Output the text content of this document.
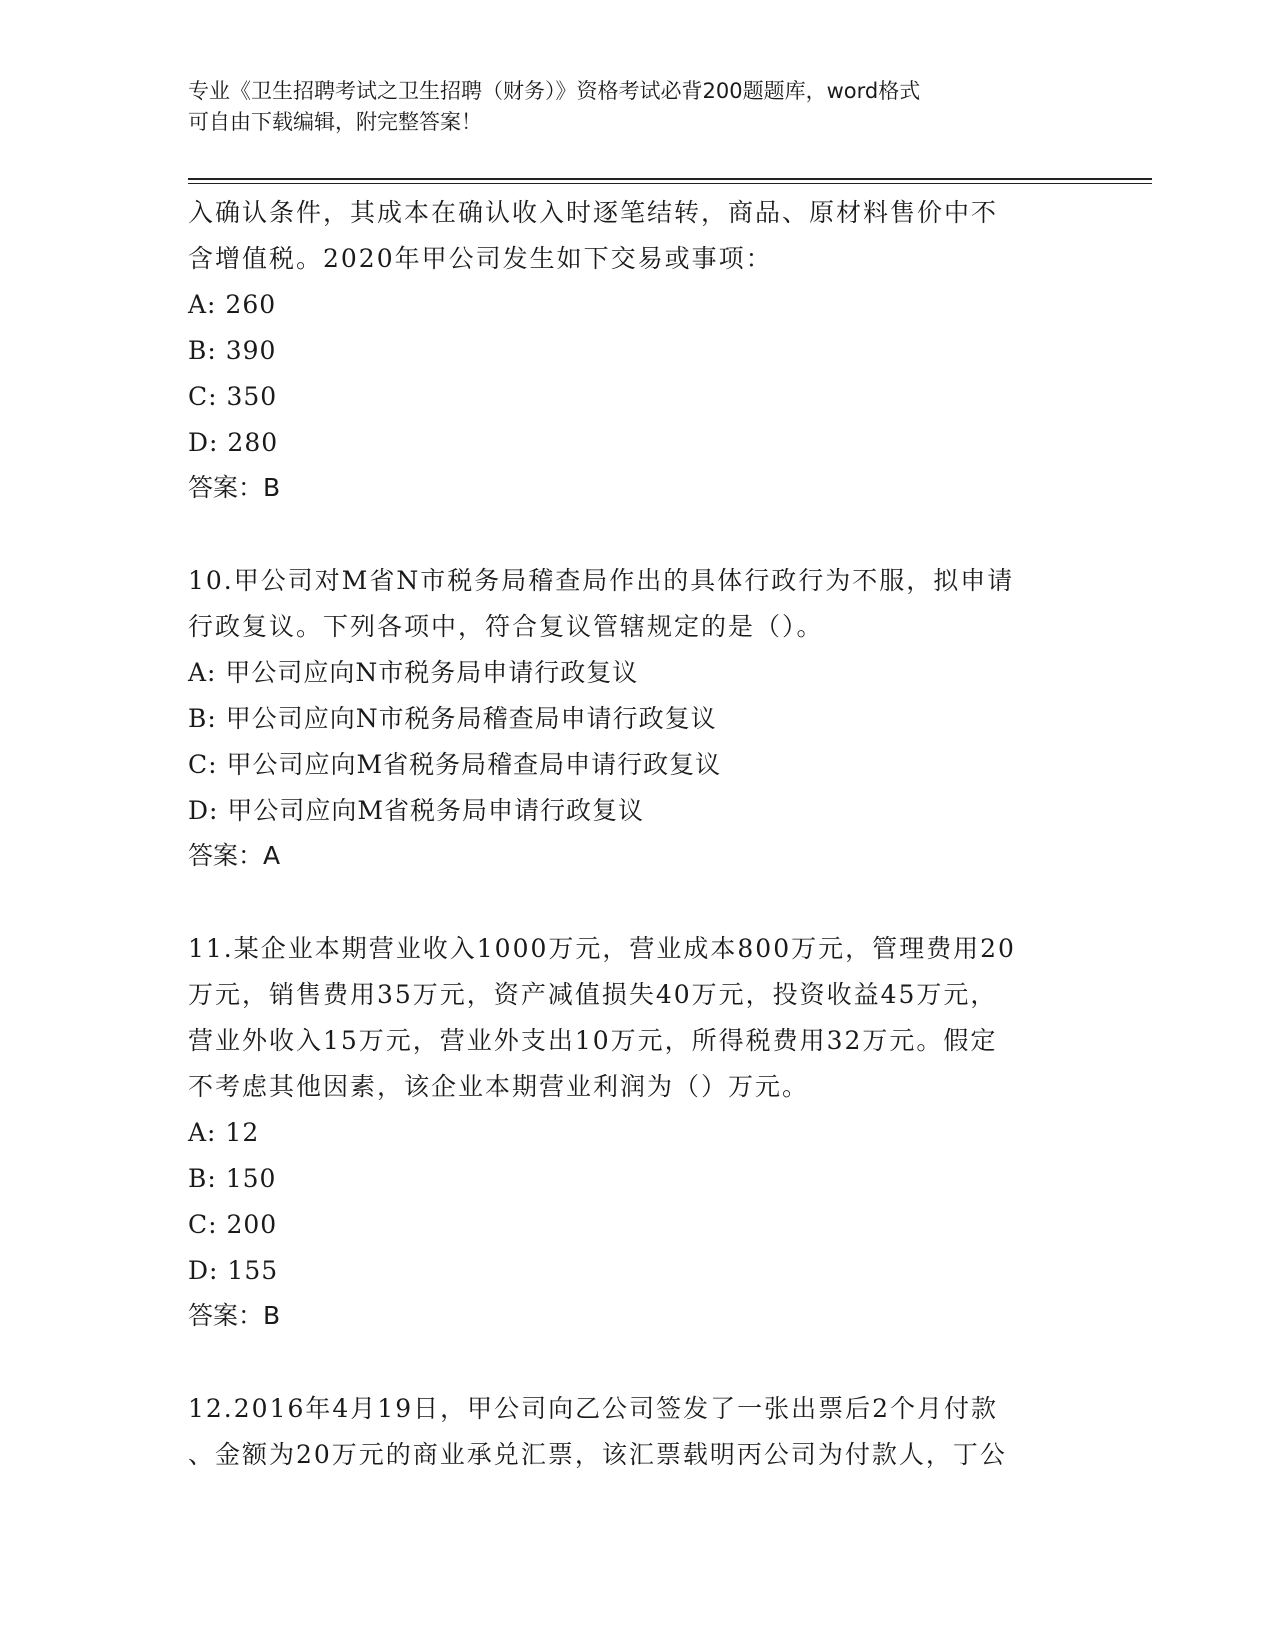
专业《卫生招聘考试之卫生招聘（财务）》资格考试必背200题题库，word格式
可自由下载编辑，附完整答案！
入确认条件，其成本在确认收入时逐笔结转，商品、原材料售价中不
含增值税。2020年甲公司发生如下交易或事项：
A: 260
B: 390
C: 350
D: 280
答案：B
10.甲公司对M省N市税务局稽查局作出的具体行政行为不服，拟申请
行政复议。下列各项中，符合复议管辖规定的是（）。
A: 甲公司应向N市税务局申请行政复议
B: 甲公司应向N市税务局稽查局申请行政复议
C: 甲公司应向M省税务局稽查局申请行政复议
D: 甲公司应向M省税务局申请行政复议
答案：A
11.某企业本期营业收入1000万元，营业成本800万元，管理费用20
万元，销售费用35万元，资产减值损失40万元，投资收益45万元，
营业外收入15万元，营业外支出10万元，所得税费用32万元。假定
不考虑其他因素，该企业本期营业利润为（）万元。
A: 12
B: 150
C: 200
D: 155
答案：B
12.2016年4月19日，甲公司向乙公司签发了一张出票后2个月付款
、金额为20万元的商业承兑汇票，该汇票载明丙公司为付款人，丁公
